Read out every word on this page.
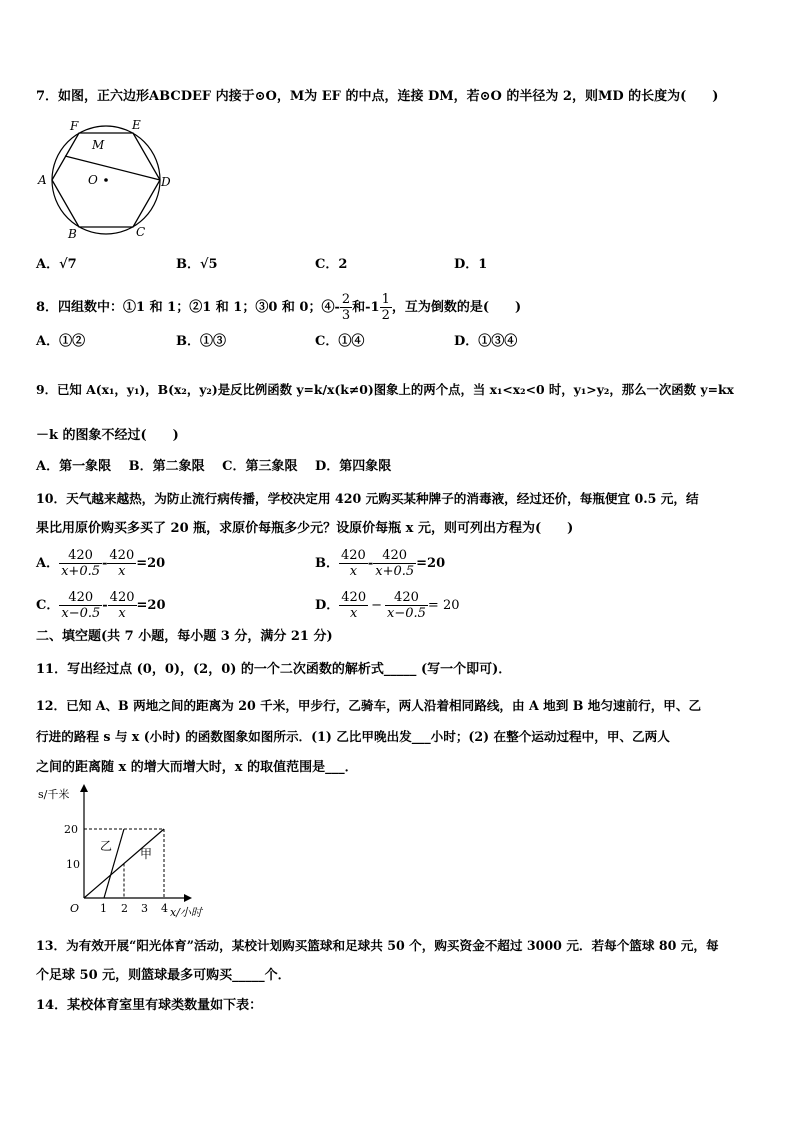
7．如图，正六边形ABCDEF 内接于⊙O，M为 EF 的中点，连接 DM，若⊙O 的半径为 2，则MD 的长度为(　　)
F	E
M
A	O	D
B	C
A．√7	B．√5	C．2	D．1
8．四组数中：①1 和 1；②1 和 1；③0 和 0；④- $\frac{2}{3}$ 和$-1 \frac{1}{2}$ ，互为倒数的是(　　)
A．①②	B．①③	C．①④	D．①③④
9．已知 A(x₁，y₁)，B(x₂，y₂)是反比例函数 y=k/x(k≠0)图象上的两个点，当 x₁<x₂<0 时，y₁>y₂，那么一次函数 y=kx
－k 的图象不经过(　　)
A．第一象限　 B．第二象限　 C．第三象限　 D．第四象限
10．天气越来越热，为防止流行病传播，学校决定用 420 元购买某种牌子的消毒液，经过还价，每瓶便宜 0.5 元，结
果比用原价购买多买了 20 瓶，求原价每瓶多少元？设原价每瓶 x 元，则可列出方程为(　　)
A． $\frac{420}{x+0.5} - \frac{420}{x} =20$	B． $\frac{420}{x} - \frac{420}{x+0.5} =20$
C． $\frac{420}{x-0.5} - \frac{420}{x} =20$	D． $\frac{420}{x} - \frac{420}{x-0.5} = 20$
二、填空题(共 7 小题，每小题 3 分，满分 21 分)
11．写出经过点 (0，0)，(2，0) 的一个二次函数的解析式_____ (写一个即可)．
12．已知 A、B 两地之间的距离为 20 千米，甲步行，乙骑车，两人沿着相同路线，由 A 地到 B 地匀速前行，甲、乙
行进的路程 s 与 x (小时) 的函数图象如图所示．(1) 乙比甲晚出发___小时；(2) 在整个运动过程中，甲、乙两人
之间的距离随 x 的增大而增大时，x 的取值范围是___．
s/千米
x/小时
O
20
10
1 2 3 4
乙
甲
13．为有效开展“阳光体育”活动，某校计划购买篮球和足球共 50 个，购买资金不超过 3000 元．若每个篮球 80 元，每
个足球 50 元，则篮球最多可购买_____个．
14．某校体育室里有球类数量如下表：
